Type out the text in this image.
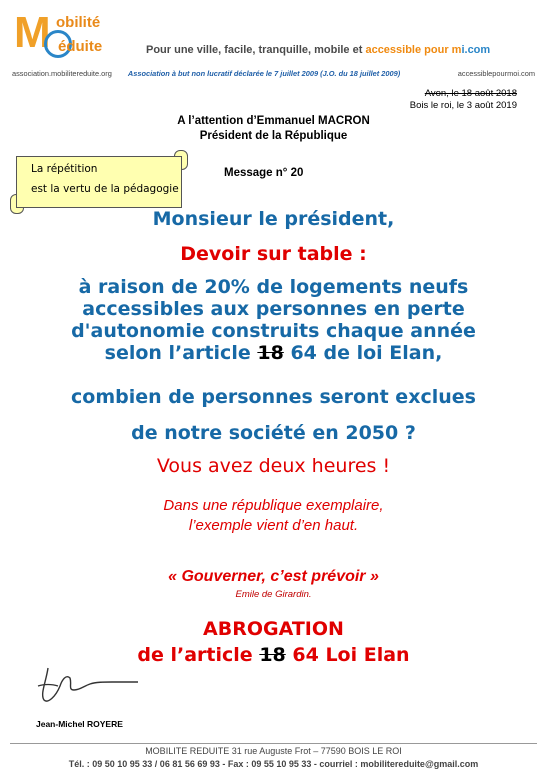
M obilité
éduite	Pour une ville, facile, tranquille, mobile et accessible pour mi.com
association.mobilitereduite.org Association à but non lucratif déclarée le 7 juillet 2009 (J.O. du 18 juillet 2009)	accessiblepourmoi.com
Avon, le 18 août 2018
Bois le roi, le 3 août 2019
A l’attention d’Emmanuel MACRON
Président de la République
La répétition
est la vertu de la pédagogie
Message n° 20
Monsieur le président,
Devoir sur table :
à raison de 20% de logements neufs
accessibles aux personnes en perte
d'autonomie construits chaque année
selon l’article 18 64 de loi Elan,
combien de personnes seront exclues
de notre société en 2050 ?
Vous avez deux heures !
Dans une république exemplaire,
l’exemple vient d’en haut.
« Gouverner, c’est prévoir »
Emile de Girardin.
ABROGATION
de l’article 18 64 Loi Elan
Jean-Michel ROYERE
MOBILITE REDUITE 31 rue Auguste Frot – 77590 BOIS LE ROI
Tél. : 09 50 10 95 33 / 06 81 56 69 93 - Fax : 09 55 10 95 33 - courriel : mobilitereduite@gmail.com
